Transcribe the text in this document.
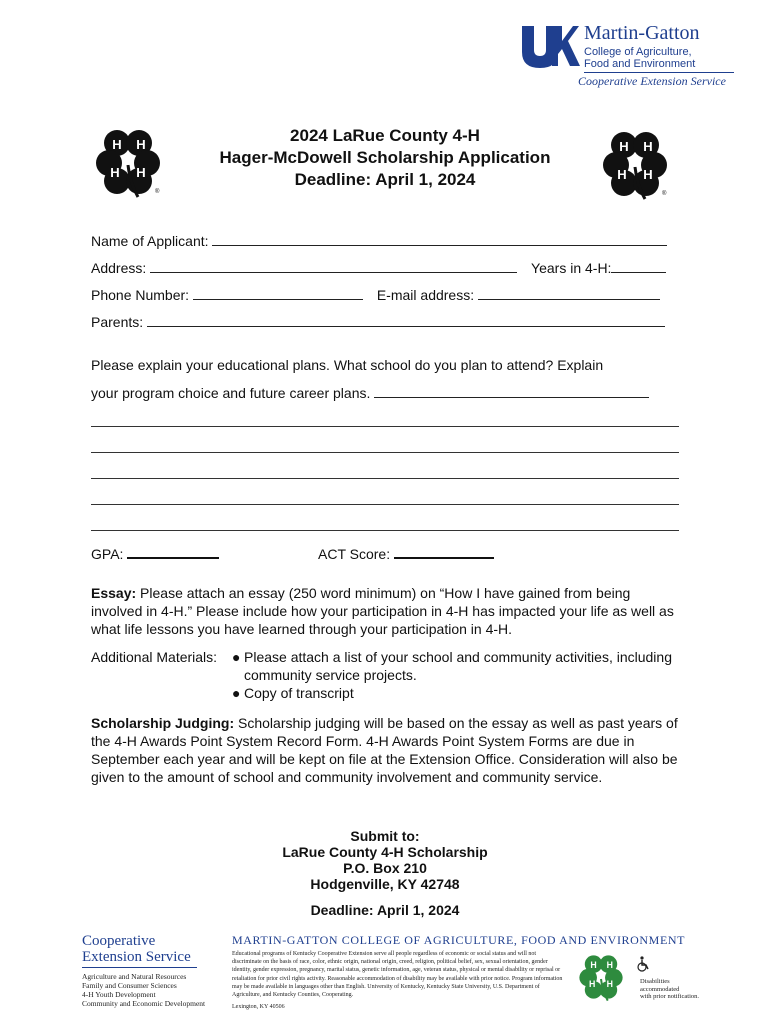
Martin-Gatton
College of Agriculture,
Food and Environment
Cooperative Extension Service
H H
H H
®
2024 LaRue County 4-H
Hager-McDowell Scholarship Application
Deadline: April 1, 2024
H H
H H
®
Name of Applicant:
Address:	Years in 4-H:
Phone Number:	E-mail address:
Parents:
Please explain your educational plans. What school do you plan to attend? Explain
your program choice and future career plans.
GPA:	ACT Score:
Essay: Please attach an essay (250 word minimum) on “How I have gained from being involved in 4-H.” Please include how your participation in 4-H has impacted your life as well as what life lessons you have learned through your participation in 4-H.
Additional Materials: ● Please attach a list of your school and community activities, including community service projects.
● Copy of transcript
Scholarship Judging: Scholarship judging will be based on the essay as well as past years of the 4-H Awards Point System Record Form. 4-H Awards Point System Forms are due in September each year and will be kept on file at the Extension Office. Consideration will also be given to the amount of school and community involvement and community service.
Submit to:
LaRue County 4-H Scholarship
P.O. Box 210
Hodgenville, KY 42748
Deadline: April 1, 2024
Cooperative
Extension Service
Agriculture and Natural Resources
Family and Consumer Sciences
4-H Youth Development
Community and Economic Development
MARTIN-GATTON COLLEGE OF AGRICULTURE, FOOD AND ENVIRONMENT
Educational programs of Kentucky Cooperative Extension serve all people regardless of economic or social status and will not discriminate on the basis of race, color, ethnic origin, national origin, creed, religion, political belief, sex, sexual orientation, gender identity, gender expression, pregnancy, marital status, genetic information, age, veteran status, physical or mental disability or reprisal or retaliation for prior civil rights activity. Reasonable accommodation of disability may be available with prior notice. Program information may be made available in languages other than English. University of Kentucky, Kentucky State University, U.S. Department of Agriculture, and Kentucky Counties, Cooperating.
Lexington, KY 40506
H H
H H	Disabilities
accommodated
with prior notification.
